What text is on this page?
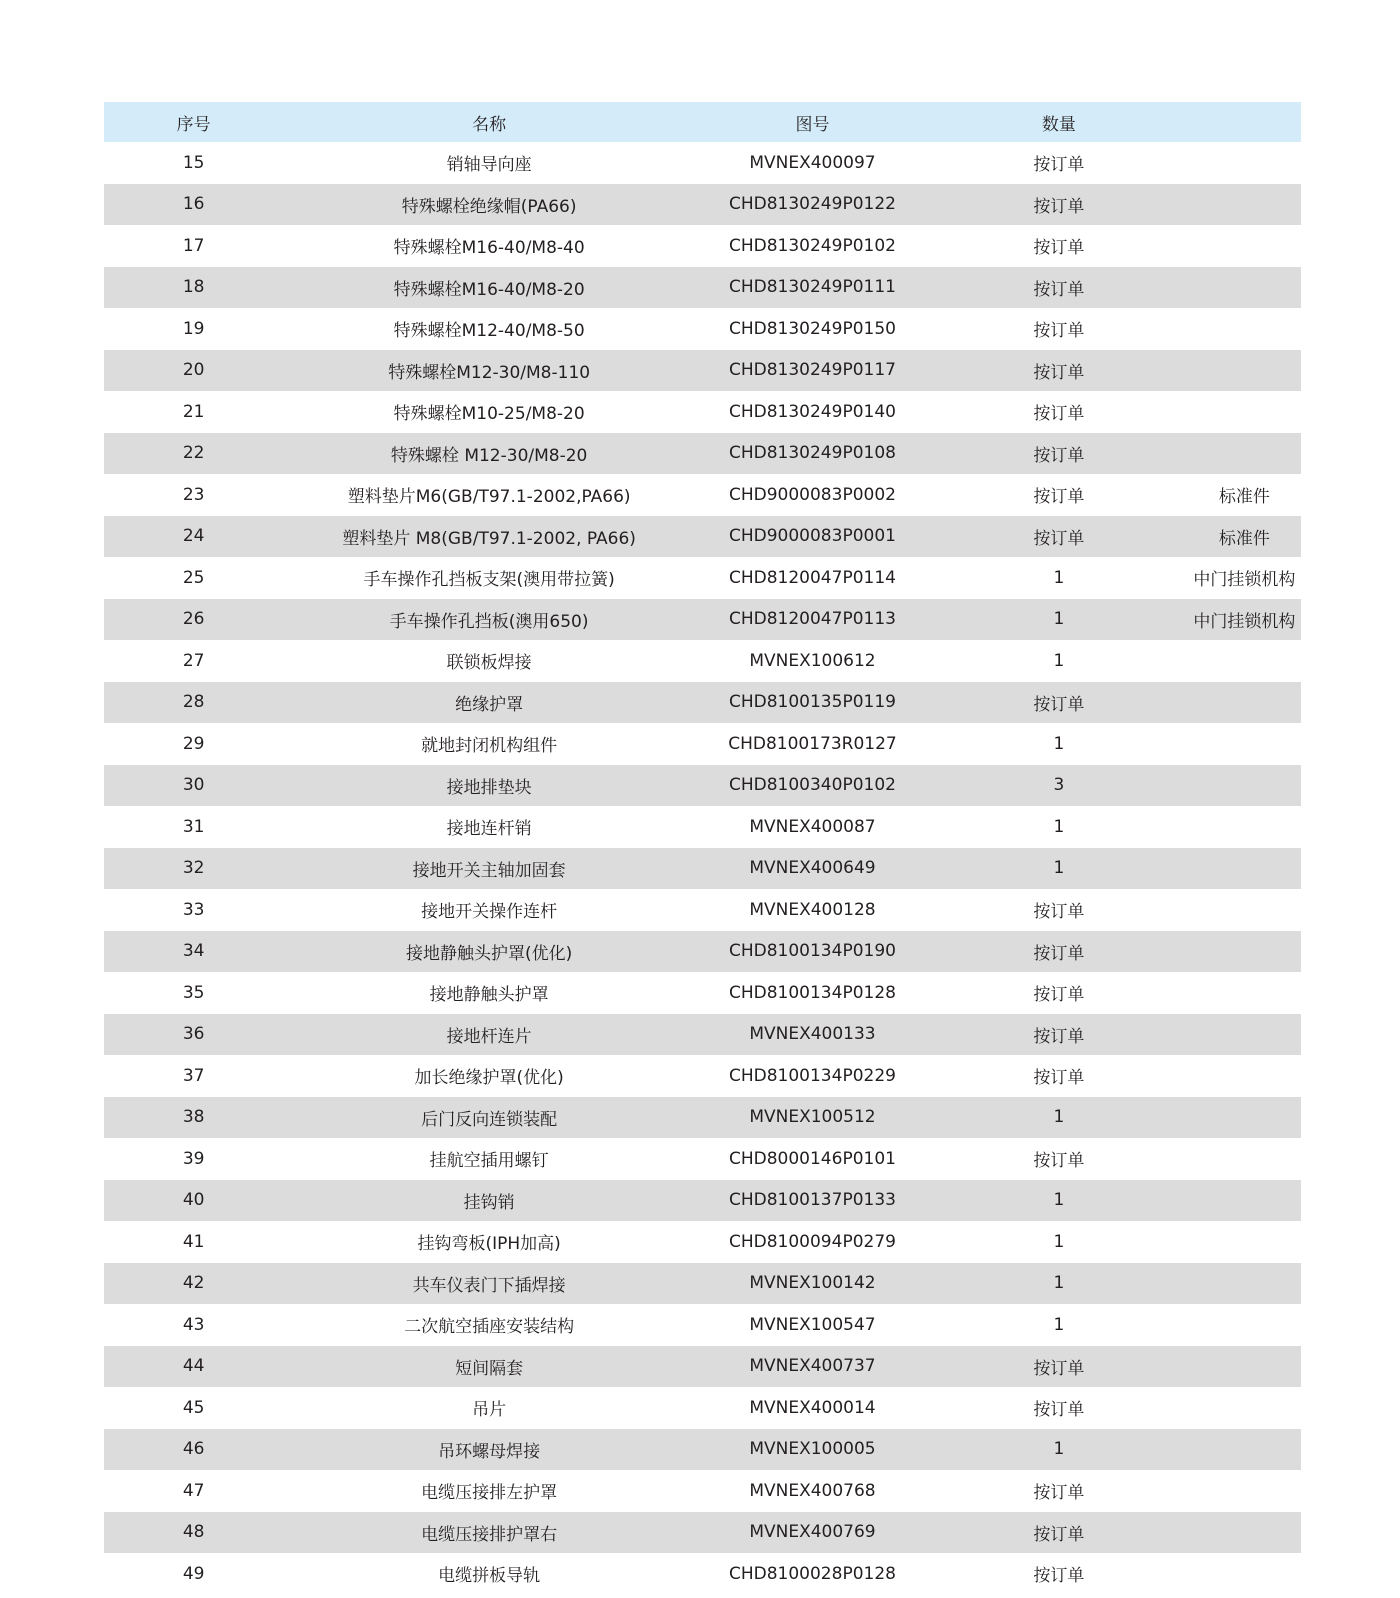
序号	名称	图号	数量
15	销轴导向座	MVNEX400097	按订单
16	特殊螺栓绝缘帽(PA66)	CHD8130249P0122	按订单
17	特殊螺栓M16-40/M8-40	CHD8130249P0102	按订单
18	特殊螺栓M16-40/M8-20	CHD8130249P0111	按订单
19	特殊螺栓M12-40/M8-50	CHD8130249P0150	按订单
20	特殊螺栓M12-30/M8-110	CHD8130249P0117	按订单
21	特殊螺栓M10-25/M8-20	CHD8130249P0140	按订单
22	特殊螺栓 M12-30/M8-20	CHD8130249P0108	按订单
23	塑料垫片M6(GB/T97.1-2002,PA66)	CHD9000083P0002	按订单	标准件
24	塑料垫片 M8(GB/T97.1-2002, PA66)	CHD9000083P0001	按订单	标准件
25	手车操作孔挡板支架(澳用带拉簧)	CHD8120047P0114	1	中门挂锁机构
26	手车操作孔挡板(澳用650)	CHD8120047P0113	1	中门挂锁机构
27	联锁板焊接	MVNEX100612	1
28	绝缘护罩	CHD8100135P0119	按订单
29	就地封闭机构组件	CHD8100173R0127	1
30	接地排垫块	CHD8100340P0102	3
31	接地连杆销	MVNEX400087	1
32	接地开关主轴加固套	MVNEX400649	1
33	接地开关操作连杆	MVNEX400128	按订单
34	接地静触头护罩(优化)	CHD8100134P0190	按订单
35	接地静触头护罩	CHD8100134P0128	按订单
36	接地杆连片	MVNEX400133	按订单
37	加长绝缘护罩(优化)	CHD8100134P0229	按订单
38	后门反向连锁装配	MVNEX100512	1
39	挂航空插用螺钉	CHD8000146P0101	按订单
40	挂钩销	CHD8100137P0133	1
41	挂钩弯板(IPH加高)	CHD8100094P0279	1
42	共车仪表门下插焊接	MVNEX100142	1
43	二次航空插座安装结构	MVNEX100547	1
44	短间隔套	MVNEX400737	按订单
45	吊片	MVNEX400014	按订单
46	吊环螺母焊接	MVNEX100005	1
47	电缆压接排左护罩	MVNEX400768	按订单
48	电缆压接排护罩右	MVNEX400769	按订单
49	电缆拼板导轨	CHD8100028P0128	按订单
